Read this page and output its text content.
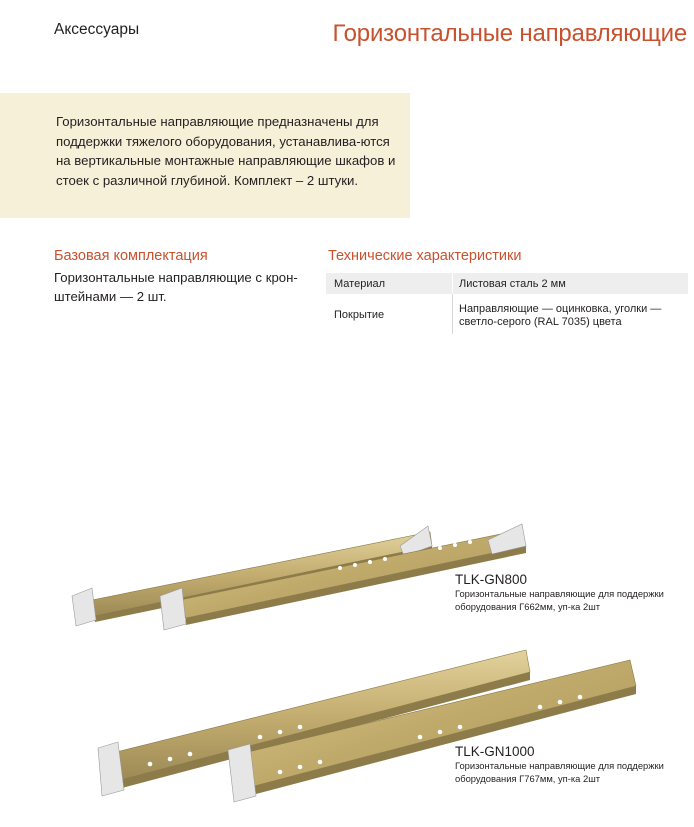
Аксессуары	Горизонтальные направляющие
Горизонтальные направляющие предназначены для поддержки тяжелого оборудования, устанавлива-ются на вертикальные монтажные направляющие шкафов и стоек с различной глубиной. Комплект – 2 штуки.
Базовая комплектация
Горизонтальные направляющие с крон-штейнами — 2 шт.
Технические характеристики
Материал	Листовая сталь 2 мм
Покрытие	Направляющие — оцинковка, уголки — светло-серого (RAL 7035) цвета
TLK-GN800
Горизонтальные направляющие для поддержки оборудования Г662мм, уп-ка 2шт
TLK-GN1000
Горизонтальные направляющие для поддержки оборудования Г767мм, уп-ка 2шт
